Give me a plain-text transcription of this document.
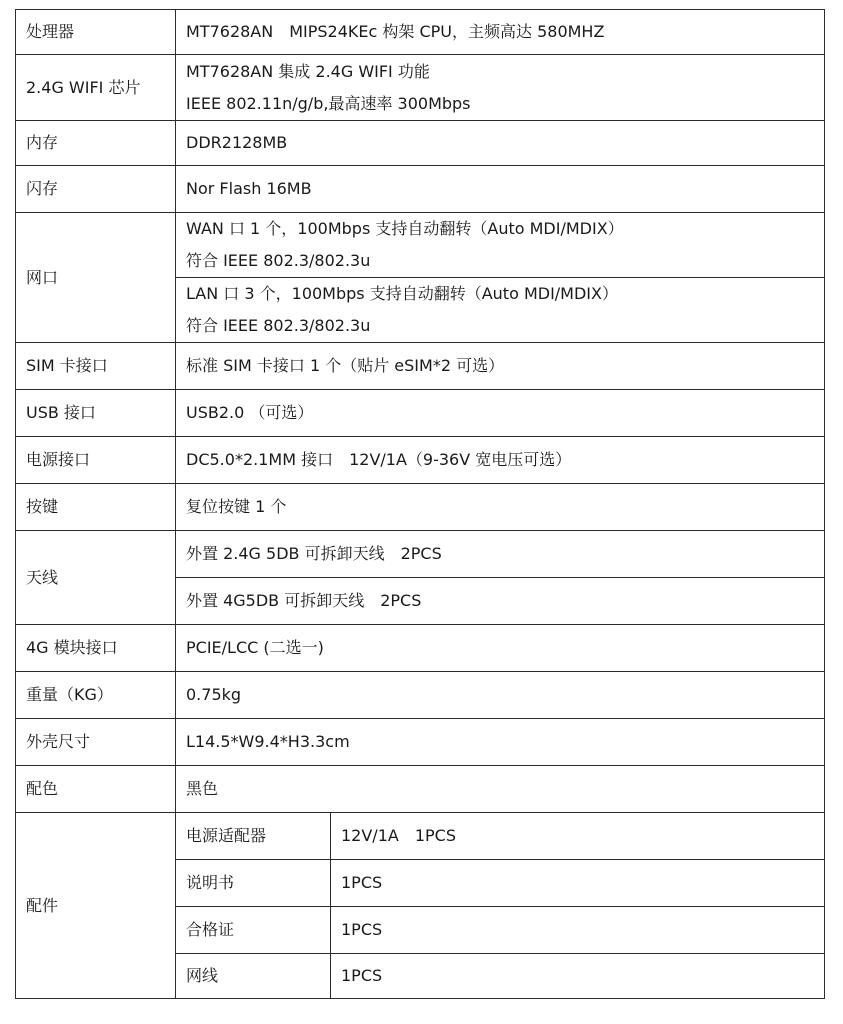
处理器	MT7628AN　MIPS24KEc 构架 CPU，主频高达 580MHZ	

2.4G WIFI 芯片	MT7628AN 集成 2.4G WIFI 功能
IEEE 802.11n/g/b,最高速率 300Mbps	

内存	DDR2128MB	

闪存	Nor Flash 16MB	

网口	WAN 口 1 个，100Mbps 支持自动翻转（Auto MDI/MDIX）
符合 IEEE 802.3/802.3u	

	LAN 口 3 个，100Mbps 支持自动翻转（Auto MDI/MDIX）
符合 IEEE 802.3/802.3u	

SIM 卡接口	标准 SIM 卡接口 1 个（贴片 eSIM*2 可选）	

USB 接口	USB2.0 （可选）	

电源接口	DC5.0*2.1MM 接口　12V/1A（9-36V 宽电压可选）	

按键	复位按键 1 个	

天线	外置 2.4G 5DB 可拆卸天线　2PCS	

	外置 4G5DB 可拆卸天线　2PCS	

4G 模块接口	PCIE/LCC (二选一)	

重量（KG）	0.75kg	

外壳尺寸	L14.5*W9.4*H3.3cm	

配色	黑色	

配件	电源适配器	12V/1A　1PCS
	说明书	1PCS
	合格证	1PCS
	网线	1PCS
